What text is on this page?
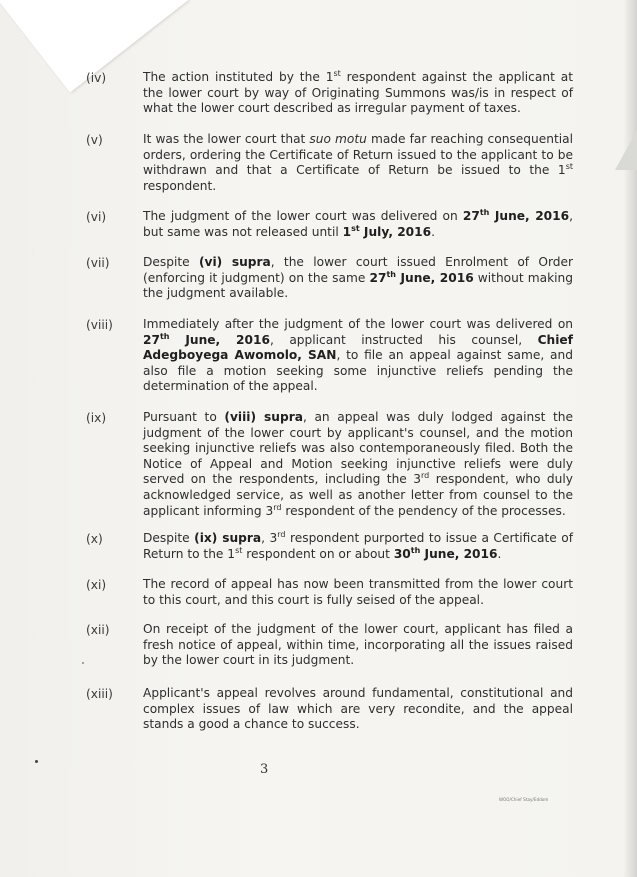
(iv)	The action instituted by the 1st respondent against the applicant at the lower court by way of Originating Summons was/is in respect of what the lower court described as irregular payment of taxes.
(v)	It was the lower court that suo motu made far reaching consequential orders, ordering the Certificate of Return issued to the applicant to be withdrawn and that a Certificate of Return be issued to the 1st respondent.
(vi)	The judgment of the lower court was delivered on 27th June, 2016, but same was not released until 1st July, 2016.
(vii)	Despite (vi) supra, the lower court issued Enrolment of Order (enforcing it judgment) on the same 27th June, 2016 without making the judgment available.
(viii) Immediately after the judgment of the lower court was delivered on 27th June, 2016, applicant instructed his counsel, Chief Adegboyega Awomolo, SAN, to file an appeal against same, and also file a motion seeking some injunctive reliefs pending the determination of the appeal.
(ix)	Pursuant to (viii) supra, an appeal was duly lodged against the judgment of the lower court by applicant's counsel, and the motion seeking injunctive reliefs was also contemporaneously filed. Both the Notice of Appeal and Motion seeking injunctive reliefs were duly served on the respondents, including the 3rd respondent, who duly acknowledged service, as well as another letter from counsel to the applicant informing 3rd respondent of the pendency of the processes.
(x)	Despite (ix) supra, 3rd respondent purported to issue a Certificate of Return to the 1st respondent on or about 30th June, 2016.
(xi)	The record of appeal has now been transmitted from the lower court to this court, and this court is fully seised of the appeal.
(xii)	On receipt of the judgment of the lower court, applicant has filed a fresh notice of appeal, within time, incorporating all the issues raised by the lower court in its judgment.
(xiii) Applicant's appeal revolves around fundamental, constitutional and complex issues of law which are very recondite, and the appeal stands a good a chance to success.
3
WOO/Chief Stay/Eddom
